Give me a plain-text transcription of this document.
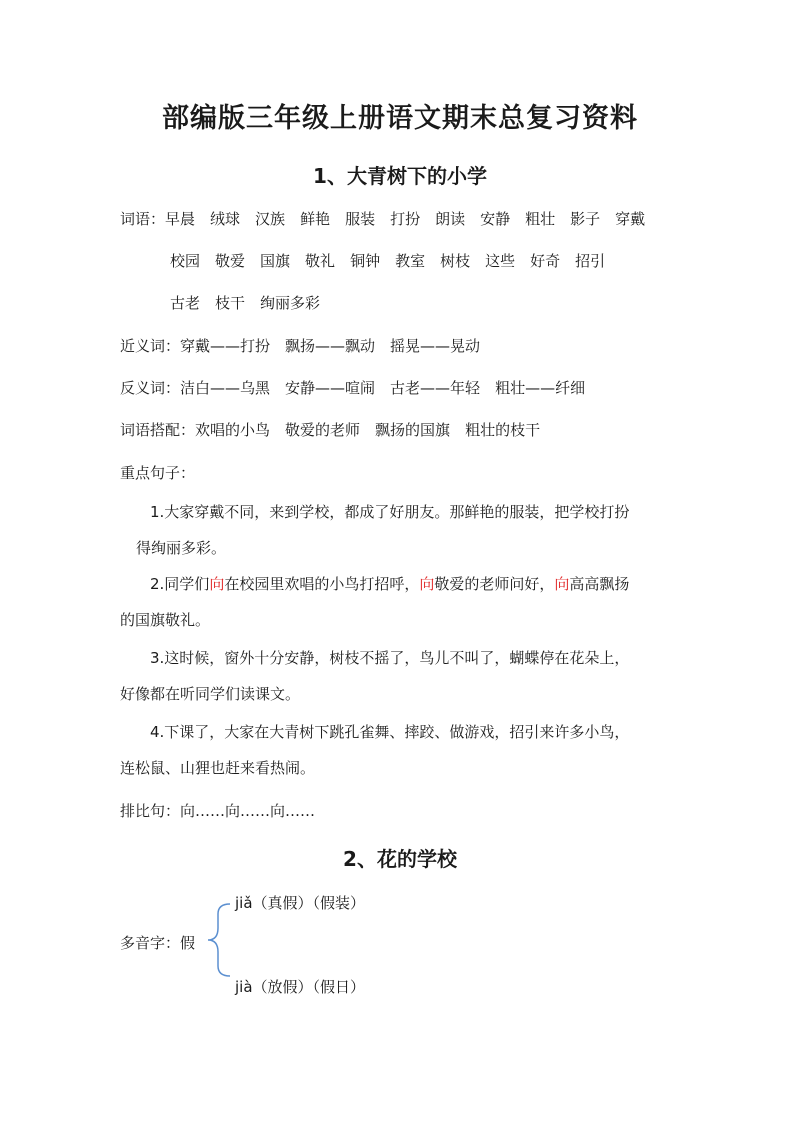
部编版三年级上册语文期末总复习资料
1、大青树下的小学
词语：早晨 绒球 汉族 鲜艳 服装 打扮 朗读 安静 粗壮 影子 穿戴
校园 敬爱 国旗 敬礼 铜钟 教室 树枝 这些 好奇 招引
古老 枝干 绚丽多彩
近义词：穿戴——打扮 飘扬——飘动 摇晃——晃动
反义词：洁白——乌黑 安静——喧闹 古老——年轻 粗壮——纤细
词语搭配：欢唱的小鸟 敬爱的老师 飘扬的国旗 粗壮的枝干
重点句子：
1.大家穿戴不同，来到学校，都成了好朋友。那鲜艳的服装，把学校打扮
得绚丽多彩。
2.同学们向在校园里欢唱的小鸟打招呼，向敬爱的老师问好，向高高飘扬
的国旗敬礼。
3.这时候，窗外十分安静，树枝不摇了，鸟儿不叫了，蝴蝶停在花朵上，
好像都在听同学们读课文。
4.下课了，大家在大青树下跳孔雀舞、摔跤、做游戏，招引来许多小鸟，
连松鼠、山狸也赶来看热闹。
排比句：向……向……向……
2、花的学校
多音字：假
jiǎ（真假）（假装）
jià（放假）（假日）
